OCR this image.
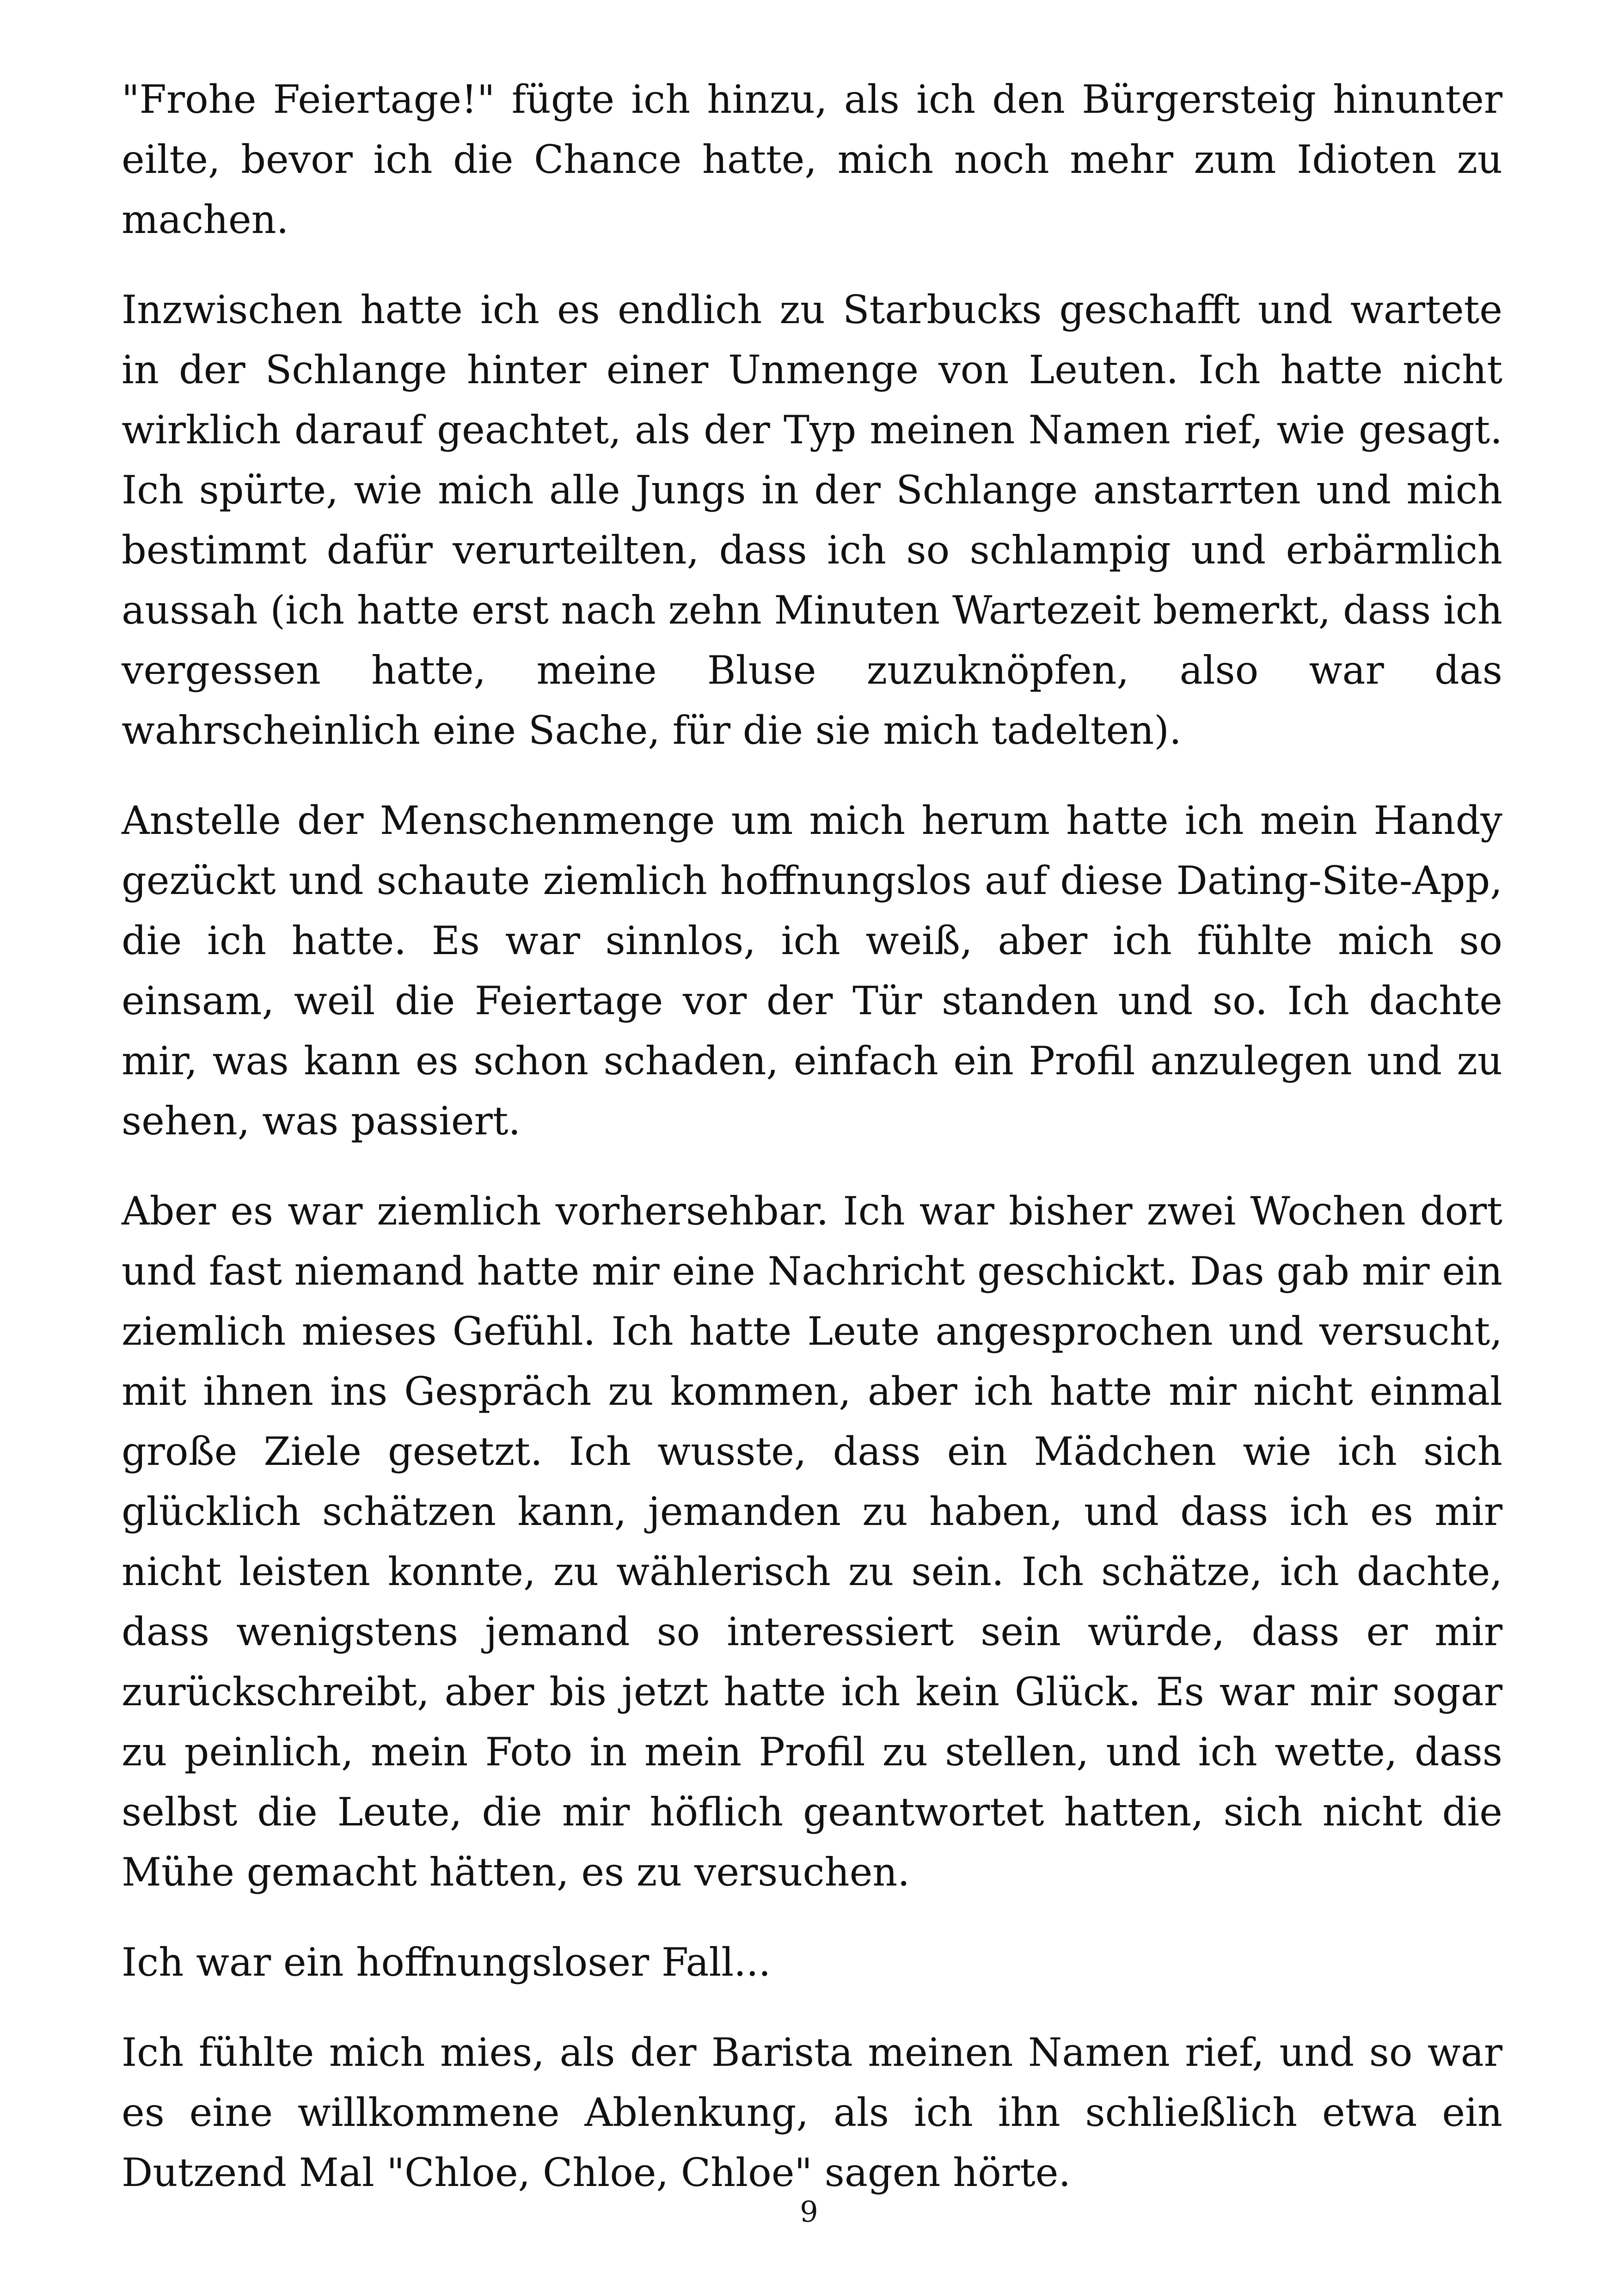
"Frohe Feiertage!" fügte ich hinzu, als ich den Bürgersteig hinunter eilte, bevor ich die Chance hatte, mich noch mehr zum Idioten zu machen.

Inzwischen hatte ich es endlich zu Starbucks geschafft und wartete in der Schlange hinter einer Unmenge von Leuten. Ich hatte nicht wirklich darauf geachtet, als der Typ meinen Namen rief, wie gesagt. Ich spürte, wie mich alle Jungs in der Schlange anstarrten und mich bestimmt dafür verurteilten, dass ich so schlampig und erbärmlich aussah (ich hatte erst nach zehn Minuten Wartezeit bemerkt, dass ich vergessen hatte, meine Bluse zuzuknöpfen, also war das wahrscheinlich eine Sache, für die sie mich tadelten).

Anstelle der Menschenmenge um mich herum hatte ich mein Handy gezückt und schaute ziemlich hoffnungslos auf diese Dating-Site-App, die ich hatte. Es war sinnlos, ich weiß, aber ich fühlte mich so einsam, weil die Feiertage vor der Tür standen und so. Ich dachte mir, was kann es schon schaden, einfach ein Profil anzulegen und zu sehen, was passiert.

Aber es war ziemlich vorhersehbar. Ich war bisher zwei Wochen dort und fast niemand hatte mir eine Nachricht geschickt. Das gab mir ein ziemlich mieses Gefühl. Ich hatte Leute angesprochen und versucht, mit ihnen ins Gespräch zu kommen, aber ich hatte mir nicht einmal große Ziele gesetzt. Ich wusste, dass ein Mädchen wie ich sich glücklich schätzen kann, jemanden zu haben, und dass ich es mir nicht leisten konnte, zu wählerisch zu sein. Ich schätze, ich dachte, dass wenigstens jemand so interessiert sein würde, dass er mir zurückschreibt, aber bis jetzt hatte ich kein Glück. Es war mir sogar zu peinlich, mein Foto in mein Profil zu stellen, und ich wette, dass selbst die Leute, die mir höflich geantwortet hatten, sich nicht die Mühe gemacht hätten, es zu versuchen.

Ich war ein hoffnungsloser Fall...

Ich fühlte mich mies, als der Barista meinen Namen rief, und so war es eine willkommene Ablenkung, als ich ihn schließlich etwa ein Dutzend Mal "Chloe, Chloe, Chloe" sagen hörte.

9
